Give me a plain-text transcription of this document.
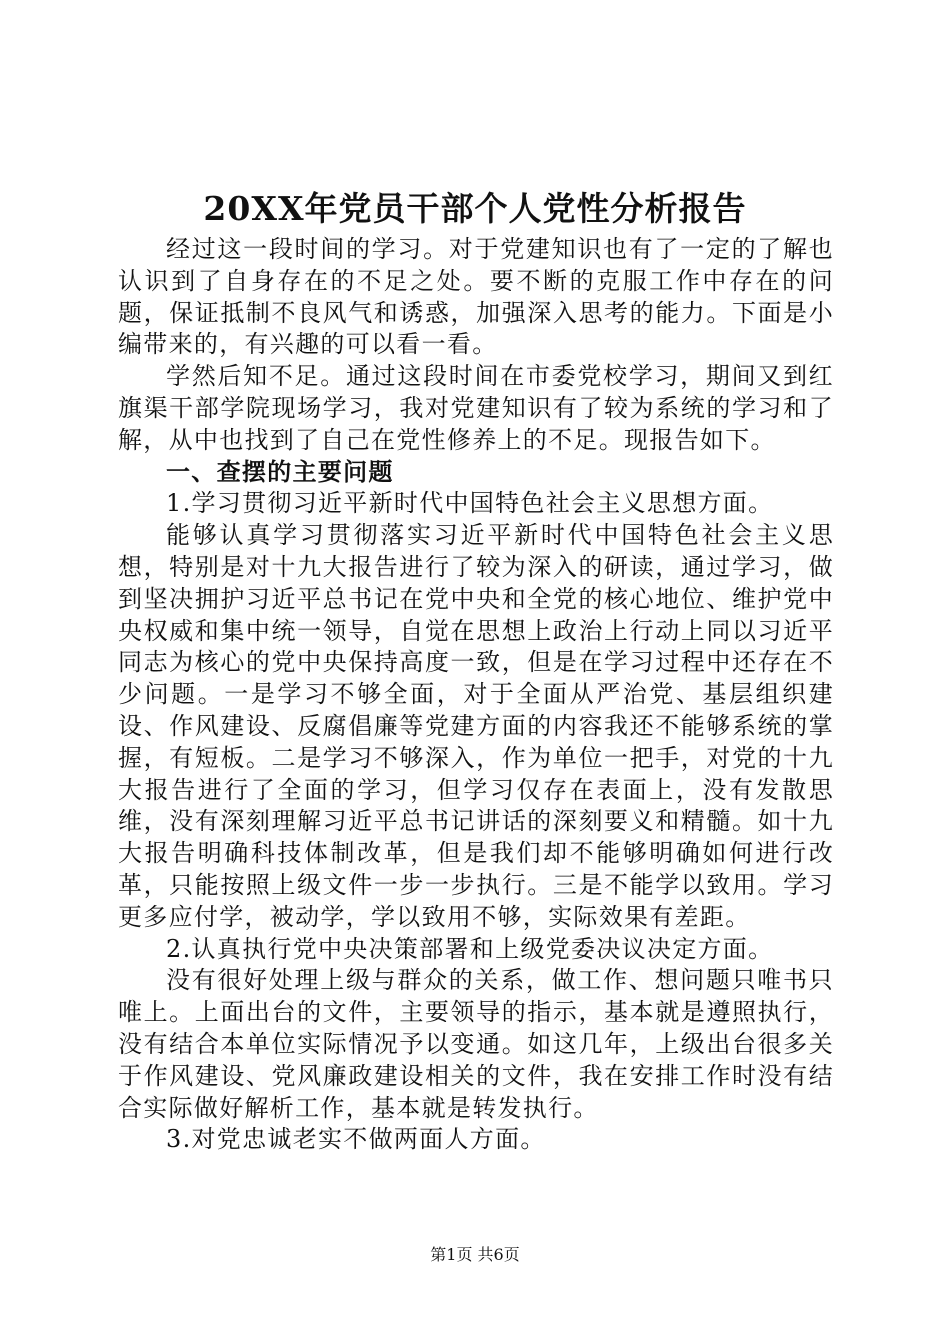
20XX年党员干部个人党性分析报告

经过这一段时间的学习。对于党建知识也有了一定的了解也认识到了自身存在的不足之处。要不断的克服工作中存在的问题，保证抵制不良风气和诱惑，加强深入思考的能力。下面是小编带来的，有兴趣的可以看一看。

学然后知不足。通过这段时间在市委党校学习，期间又到红旗渠干部学院现场学习，我对党建知识有了较为系统的学习和了解，从中也找到了自己在党性修养上的不足。现报告如下。

一、查摆的主要问题

1.学习贯彻习近平新时代中国特色社会主义思想方面。

能够认真学习贯彻落实习近平新时代中国特色社会主义思想，特别是对十九大报告进行了较为深入的研读，通过学习，做到坚决拥护习近平总书记在党中央和全党的核心地位、维护党中央权威和集中统一领导，自觉在思想上政治上行动上同以习近平同志为核心的党中央保持高度一致，但是在学习过程中还存在不少问题。一是学习不够全面，对于全面从严治党、基层组织建设、作风建设、反腐倡廉等党建方面的内容我还不能够系统的掌握，有短板。二是学习不够深入，作为单位一把手，对党的十九大报告进行了全面的学习，但学习仅存在表面上，没有发散思维，没有深刻理解习近平总书记讲话的深刻要义和精髓。如十九大报告明确科技体制改革，但是我们却不能够明确如何进行改革，只能按照上级文件一步一步执行。三是不能学以致用。学习更多应付学，被动学，学以致用不够，实际效果有差距。

2.认真执行党中央决策部署和上级党委决议决定方面。

没有很好处理上级与群众的关系，做工作、想问题只唯书只唯上。上面出台的文件，主要领导的指示，基本就是遵照执行，没有结合本单位实际情况予以变通。如这几年，上级出台很多关于作风建设、党风廉政建设相关的文件，我在安排工作时没有结合实际做好解析工作，基本就是转发执行。

3.对党忠诚老实不做两面人方面。

第1页 共6页
